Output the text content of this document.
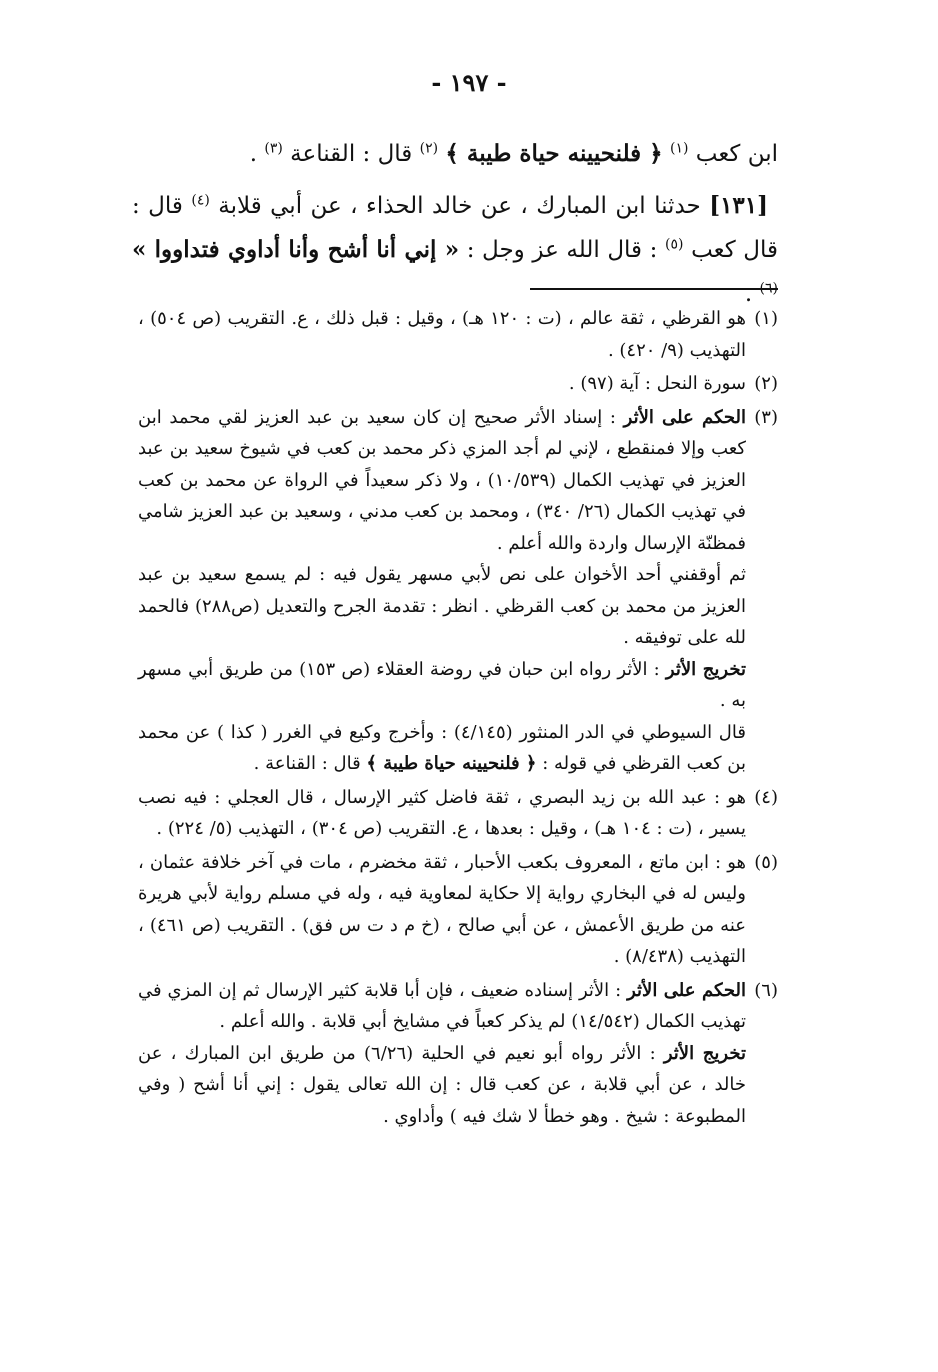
- ١٩٧ -

ابن كعب $^{(١)}$ ﴿ فلنحيينه حياة طيبة ﴾ $^{(٢)}$ قال : القناعة $^{(٣)}$ .

[١٣١] حدثنا ابن المبارك ، عن خالد الحذاء ، عن أبي قلابة $^{(٤)}$ قال : قال كعب $^{(٥)}$ : قال الله عز وجل : « إني أنا أشح وأنا أداوي فتداووا » $^{(٦)}$ .

(١)
هو القرظي ، ثقة عالم ، (ت : ١٢٠ هـ) ، وقيل : قبل ذلك ، ع. التقريب (ص ٥٠٤) ، التهذيب (٩/ ٤٢٠) .
(٢)
سورة النحل : آية (٩٧) .
(٣)
الحكم على الأثر : إسناد الأثر صحيح إن كان سعيد بن عبد العزيز لقي محمد ابن كعب وإلا فمنقطع ، لإني لم أجد المزي ذكر محمد بن كعب في شيوخ سعيد بن عبد العزيز في تهذيب الكمال (١٠/٥٣٩) ، ولا ذكر سعيداً في الرواة عن محمد بن كعب في تهذيب الكمال (٢٦/ ٣٤٠) ، ومحمد بن كعب مدني ، وسعيد بن عبد العزيز شامي فمظنّة الإرسال واردة والله أعلم .
ثم أوقفني أحد الأخوان على نص لأبي مسهر يقول فيه : لم يسمع سعيد بن عبد العزيز من محمد بن كعب القرظي . انظر : تقدمة الجرح والتعديل (ص٢٨٨) فالحمد لله على توفيقه .
تخريج الأثر : الأثر رواه ابن حبان في روضة العقلاء (ص ١٥٣) من طريق أبي مسهر به .
قال السيوطي في الدر المنثور (٤/١٤٥) : وأخرج وكيع في الغرر ( كذا ) عن محمد بن كعب القرظي في قوله : ﴿ فلنحيينه حياة طيبة ﴾ قال : القناعة .
(٤)
هو : عبد الله بن زيد البصري ، ثقة فاضل كثير الإرسال ، قال العجلي : فيه نصب يسير ، (ت : ١٠٤ هـ) ، وقيل : بعدها ، ع. التقريب (ص ٣٠٤) ، التهذيب (٥/ ٢٢٤) .
(٥)
هو : ابن ماتع ، المعروف بكعب الأحبار ، ثقة مخضرم ، مات في آخر خلافة عثمان ، وليس له في البخاري رواية إلا حكاية لمعاوية فيه ، وله في مسلم رواية لأبي هريرة عنه من طريق الأعمش ، عن أبي صالح ، (خ م د ت س فق) . التقريب (ص ٤٦١) ، التهذيب (٨/٤٣٨) .
(٦)
الحكم على الأثر : الأثر إسناده ضعيف ، فإن أبا قلابة كثير الإرسال ثم إن المزي في تهذيب الكمال (١٤/٥٤٢) لم يذكر كعباً في مشايخ أبي قلابة . والله أعلم .
تخريج الأثر : الأثر رواه أبو نعيم في الحلية (٦/٢٦) من طريق ابن المبارك ، عن خالد ، عن أبي قلابة ، عن كعب قال : إن الله تعالى يقول : إني أنا أشح ( وفي المطبوعة : شيخ . وهو خطأ لا شك فيه ) وأداوي .
